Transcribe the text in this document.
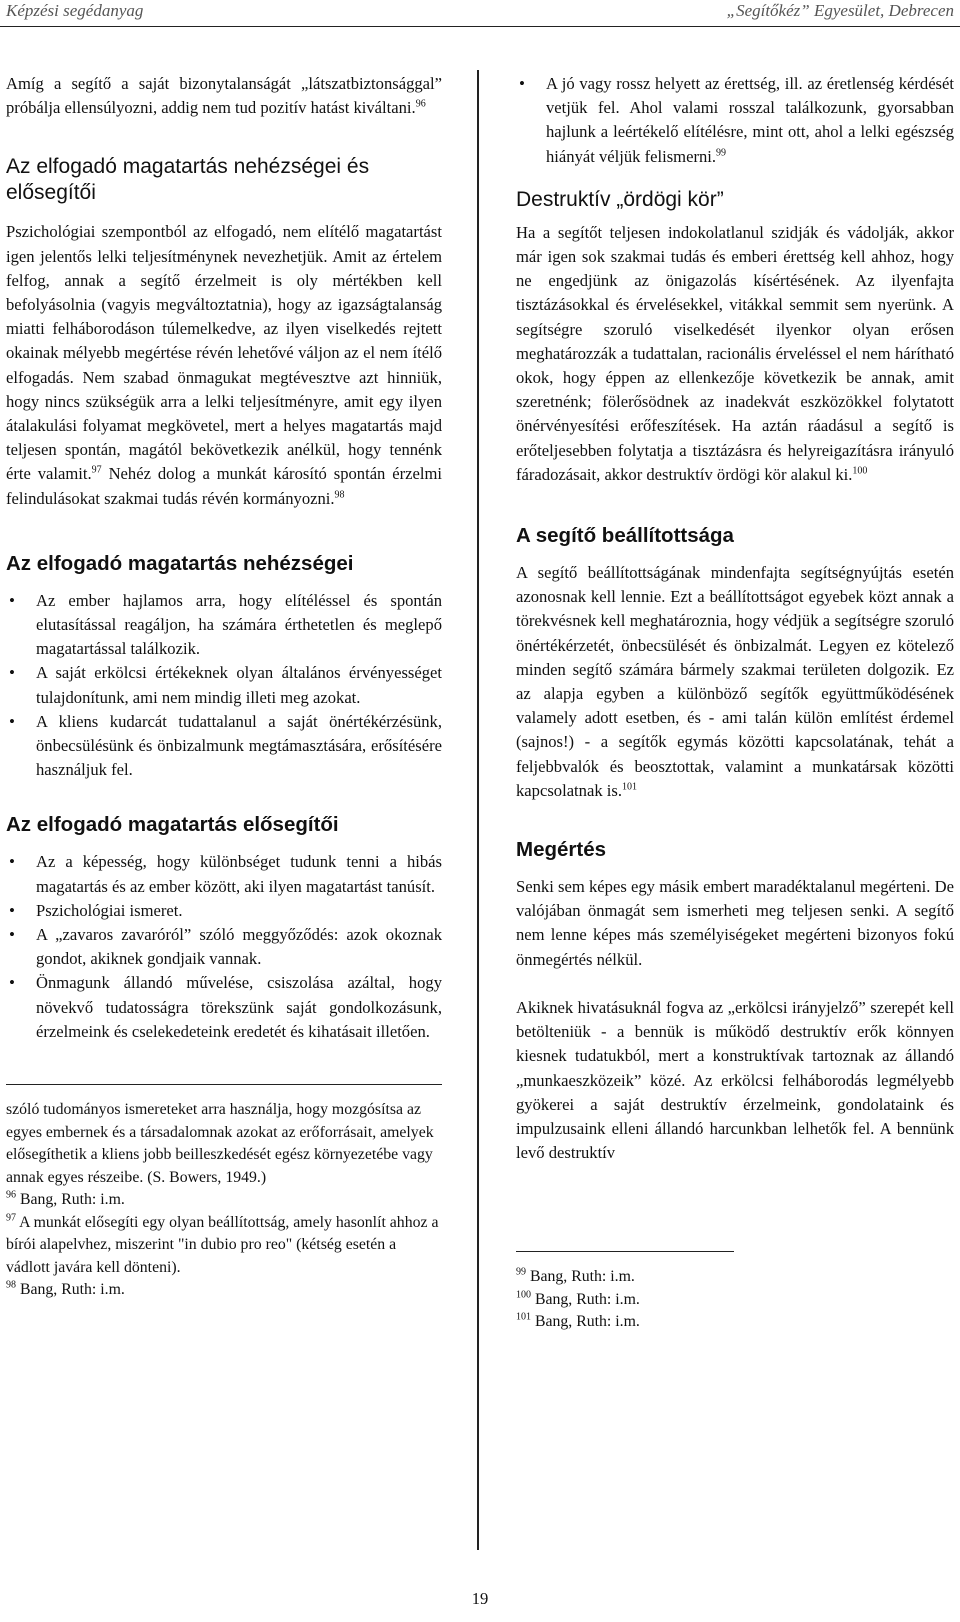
Képzési segédanyag	„Segítőkéz” Egyesület, Debrecen

Amíg a segítő a saját bizonytalanságát „látszatbiztonsággal” próbálja ellensúlyozni, addig nem tud pozitív hatást kiváltani.$^{96}$

Az elfogadó magatartás nehézségei és elősegítői

Pszichológiai szempontból az elfogadó, nem elítélő magatartást igen jelentős lelki teljesítménynek nevezhetjük. Amit az értelem felfog, annak a segítő érzelmeit is oly mértékben kell befolyásolnia (vagyis megváltoztatnia), hogy az igazságtalanság miatti felháborodáson túlemelkedve, az ilyen viselkedés rejtett okainak mélyebb megértése révén lehetővé váljon az el nem ítélő elfogadás. Nem szabad önmagukat megtévesztve azt hinniük, hogy nincs szükségük arra a lelki teljesítményre, amit egy ilyen átalakulási folyamat megkövetel, mert a helyes magatartás majd teljesen spontán, magától bekövetkezik anélkül, hogy tennénk érte valamit.$^{97}$ Nehéz dolog a munkát károsító spontán érzelmi felindulásokat szakmai tudás révén kormányozni.$^{98}$

Az elfogadó magatartás nehézségei
• Az ember hajlamos arra, hogy elítéléssel és spontán elutasítással reagáljon, ha számára érthetetlen és meglepő magatartással találkozik.
• A saját erkölcsi értékeknek olyan általános érvényességet tulajdonítunk, ami nem mindig illeti meg azokat.
• A kliens kudarcát tudattalanul a saját önértékérzésünk, önbecsülésünk és önbizalmunk megtámasztására, erősítésére használjuk fel.
Az elfogadó magatartás elősegítői
• Az a képesség, hogy különbséget tudunk tenni a hibás magatartás és az ember között, aki ilyen magatartást tanúsít.
• Pszichológiai ismeret.
• A „zavaros zavaróról” szóló meggyőződés: azok okoznak gondot, akiknek gondjaik vannak.
• Önmagunk állandó művelése, csiszolása azáltal, hogy növekvő tudatosságra törekszünk saját gondolkozásunk, érzelmeink és cselekedeteink eredetét és kihatásait illetően.

szóló tudományos ismereteket arra használja, hogy mozgósítsa az egyes embernek és a társadalomnak azokat az erőforrásait, amelyek elősegíthetik a kliens jobb beilleszkedését egész környezetébe vagy annak egyes részeibe. (S. Bowers, 1949.)

$^{96}$ Bang, Ruth: i.m.

$^{97}$ A munkát elősegíti egy olyan beállítottság, amely hasonlít ahhoz a bírói alapelvhez, miszerint "in dubio pro reo" (kétség esetén a vádlott javára kell dönteni).

$^{98}$ Bang, Ruth: i.m.

• A jó vagy rossz helyett az érettség, ill. az éretlenség kérdését vetjük fel. Ahol valami rosszal találkozunk, gyorsabban hajlunk a leértékelő elítélésre, mint ott, ahol a lelki egészség hiányát véljük felismerni.$^{99}$
Destruktív „ördögi kör”

Ha a segítőt teljesen indokolatlanul szidják és vádolják, akkor már igen sok szakmai tudás és emberi érettség kell ahhoz, hogy ne engedjünk az önigazolás kísértésének. Az ilyenfajta tisztázásokkal és érvelésekkel, vitákkal semmit sem nyerünk. A segítségre szoruló viselkedését ilyenkor olyan erősen meghatározzák a tudattalan, racionális érveléssel el nem hárítható okok, hogy éppen az ellenkezője következik be annak, amit szeretnénk; fölerősödnek az inadekvát eszközökkel folytatott önérvényesítési erőfeszítések. Ha aztán ráadásul a segítő is erőteljesebben folytatja a tisztázásra és helyreigazításra irányuló fáradozásait, akkor destruktív ördögi kör alakul ki.$^{100}$

A segítő beállítottsága

A segítő beállítottságának mindenfajta segítségnyújtás esetén azonosnak kell lennie. Ezt a beállítottságot egyebek közt annak a törekvésnek kell meghatároznia, hogy védjük a segítségre szoruló önértékérzetét, önbecsülését és önbizalmát. Legyen ez kötelező minden segítő számára bármely szakmai területen dolgozik. Ez az alapja egyben a különböző segítők együttműködésének valamely adott esetben, és - ami talán külön említést érdemel (sajnos!) - a segítők egymás közötti kapcsolatának, tehát a feljebbvalók és beosztottak, valamint a munkatársak közötti kapcsolatnak is.$^{101}$

Megértés

Senki sem képes egy másik embert maradéktalanul megérteni. De valójában önmagát sem ismerheti meg teljesen senki. A segítő nem lenne képes más személyiségeket megérteni bizonyos fokú önmegértés nélkül.

Akiknek hivatásuknál fogva az „erkölcsi irányjelző” szerepét kell betölteniük - a bennük is működő destruktív erők könnyen kiesnek tudatukból, mert a konstruktívak tartoznak az állandó „munkaeszközeik” közé. Az erkölcsi felháborodás legmélyebb gyökerei a saját destruktív érzelmeink, gondolataink és impulzusaink elleni állandó harcunkban lelhetők fel. A bennünk levő destruktív

$^{99}$ Bang, Ruth: i.m.

$^{100}$ Bang, Ruth: i.m.

$^{101}$ Bang, Ruth: i.m.

19
